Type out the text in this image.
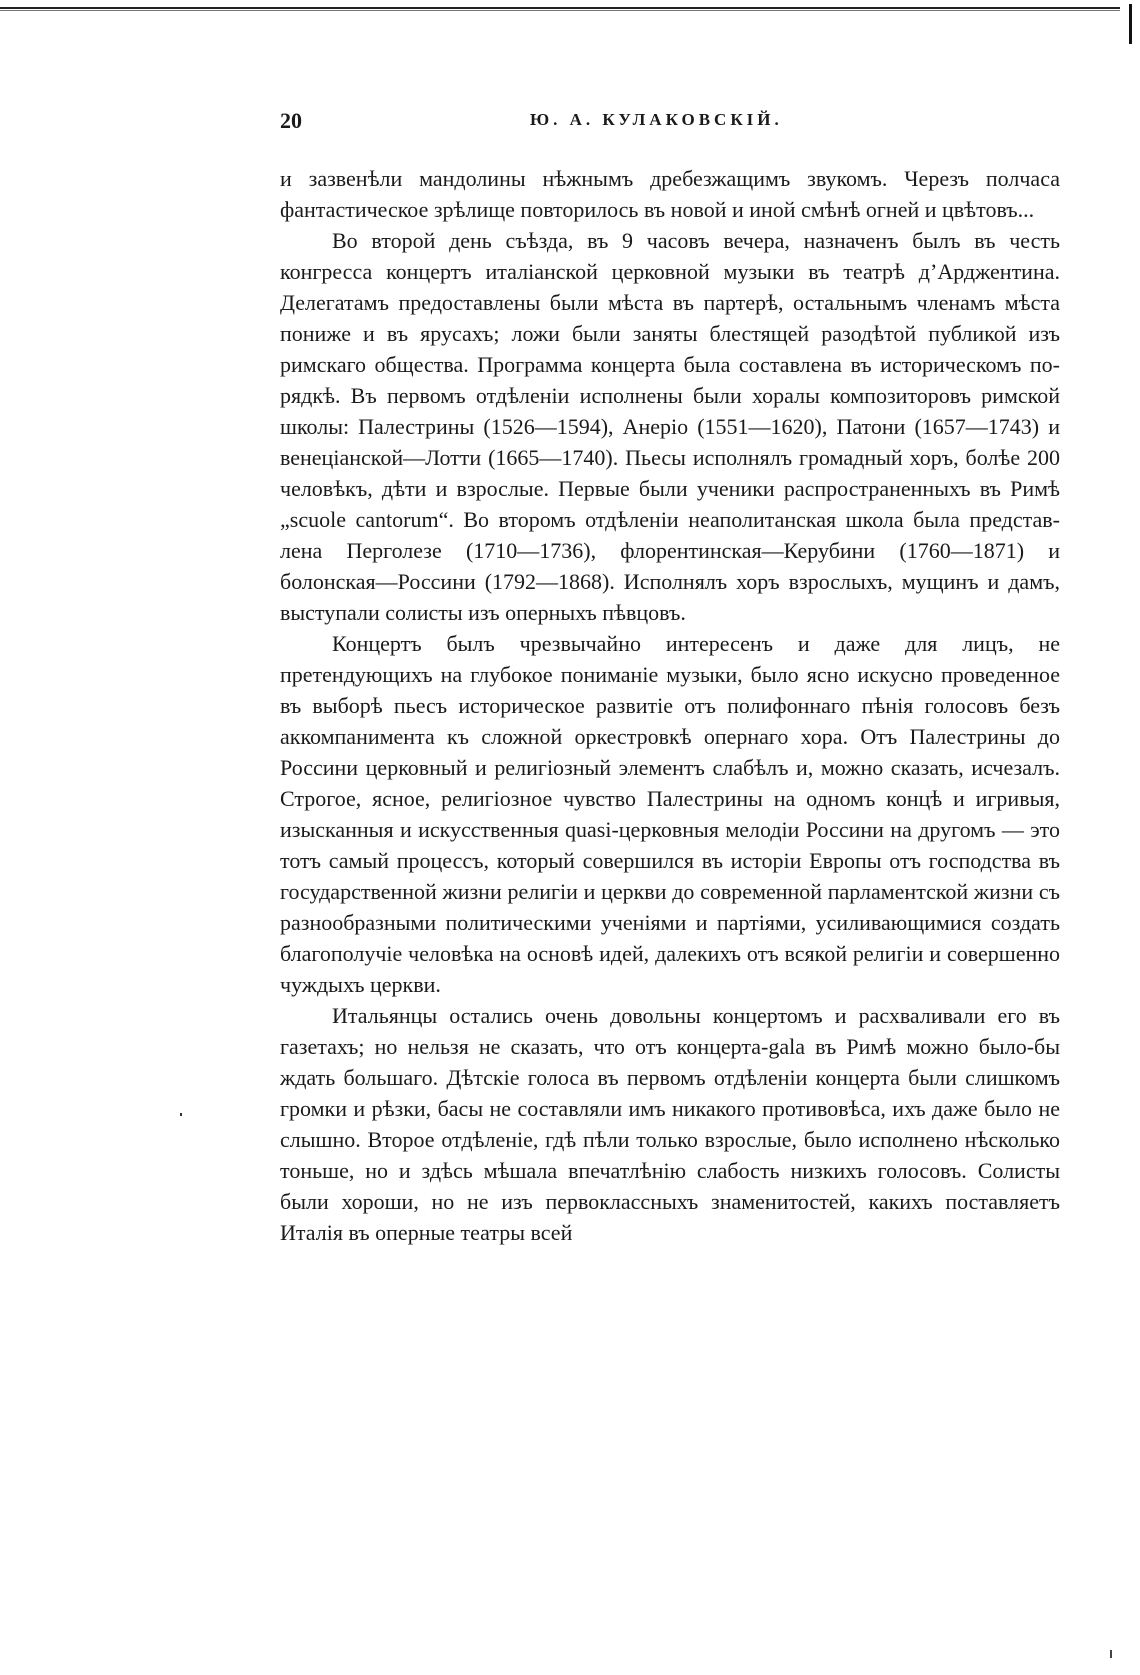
20	Ю. А. КУЛАКОВСКІЙ.

и зазвенѣли мандолины нѣжнымъ дребезжащимъ звукомъ. Черезъ полчаса фантастическое зрѣлище повторилось въ новой и иной смѣнѣ огней и цвѣтовъ...

Во второй день съѣзда, въ 9 часовъ вечера, назначенъ былъ въ честь конгресса концертъ италіанской церковной музыки въ театрѣ д’Арджентина. Делегатамъ предоставлены были мѣста въ партерѣ, остальнымъ членамъ мѣста пониже и въ ярусахъ; ложи были заняты блестящей разодѣтой публикой изъ римскаго общества. Программа концерта была составлена въ историческомъ порядкѣ. Въ первомъ отдѣленіи исполнены были хоралы композиторовъ римской школы: Палестрины (1526—1594), Анеріо (1551—1620), Патони (1657—1743) и венеціанской—Лотти (1665—1740). Пьесы исполнялъ громадный хоръ, болѣе 200 человѣкъ, дѣти и взрослые. Первые были ученики распространенныхъ въ Римѣ „scuole cantorum“. Во второмъ отдѣленіи неаполитанская школа была представлена Перголезе (1710—1736), флорентинская—Керубини (1760—1871) и болонская—Россини (1792—1868). Исполнялъ хоръ взрослыхъ, мущинъ и дамъ, выступали солисты изъ оперныхъ пѣвцовъ.

Концертъ былъ чрезвычайно интересенъ и даже для лицъ, не претендующихъ на глубокое пониманіе музыки, было ясно искусно проведенное въ выборѣ пьесъ историческое развитіе отъ полифоннаго пѣнія голосовъ безъ аккомпанимента къ сложной оркестровкѣ опернаго хора. Отъ Палестрины до Россини церковный и религіозный элементъ слабѣлъ и, можно сказать, исчезалъ. Строгое, ясное, религіозное чувство Палестрины на одномъ концѣ и игривыя, изысканныя и искусственныя quasi-церковныя мелодіи Россини на другомъ — это тотъ самый процессъ, который совершился въ исторіи Европы отъ господства въ государственной жизни религіи и церкви до современной парламентской жизни съ разнообразными политическими ученіями и партіями, усиливающимися создать благополучіе человѣка на основѣ идей, далекихъ отъ всякой религіи и совершенно чуждыхъ церкви.

Итальянцы остались очень довольны концертомъ и расхваливали его въ газетахъ; но нельзя не сказать, что отъ концерта-gala въ Римѣ можно было-бы ждать большаго. Дѣтскіе голоса въ первомъ отдѣленіи концерта были слишкомъ громки и рѣзки, басы не составляли имъ никакого противовѣса, ихъ даже было не слышно. Второе отдѣленіе, гдѣ пѣли только взрослые, было исполнено нѣсколько тоньше, но и здѣсь мѣшала впечатлѣнію слабость низкихъ голосовъ. Солисты были хороши, но не изъ первоклассныхъ знаменитостей, какихъ поставляетъ Италія въ оперные театры всей
